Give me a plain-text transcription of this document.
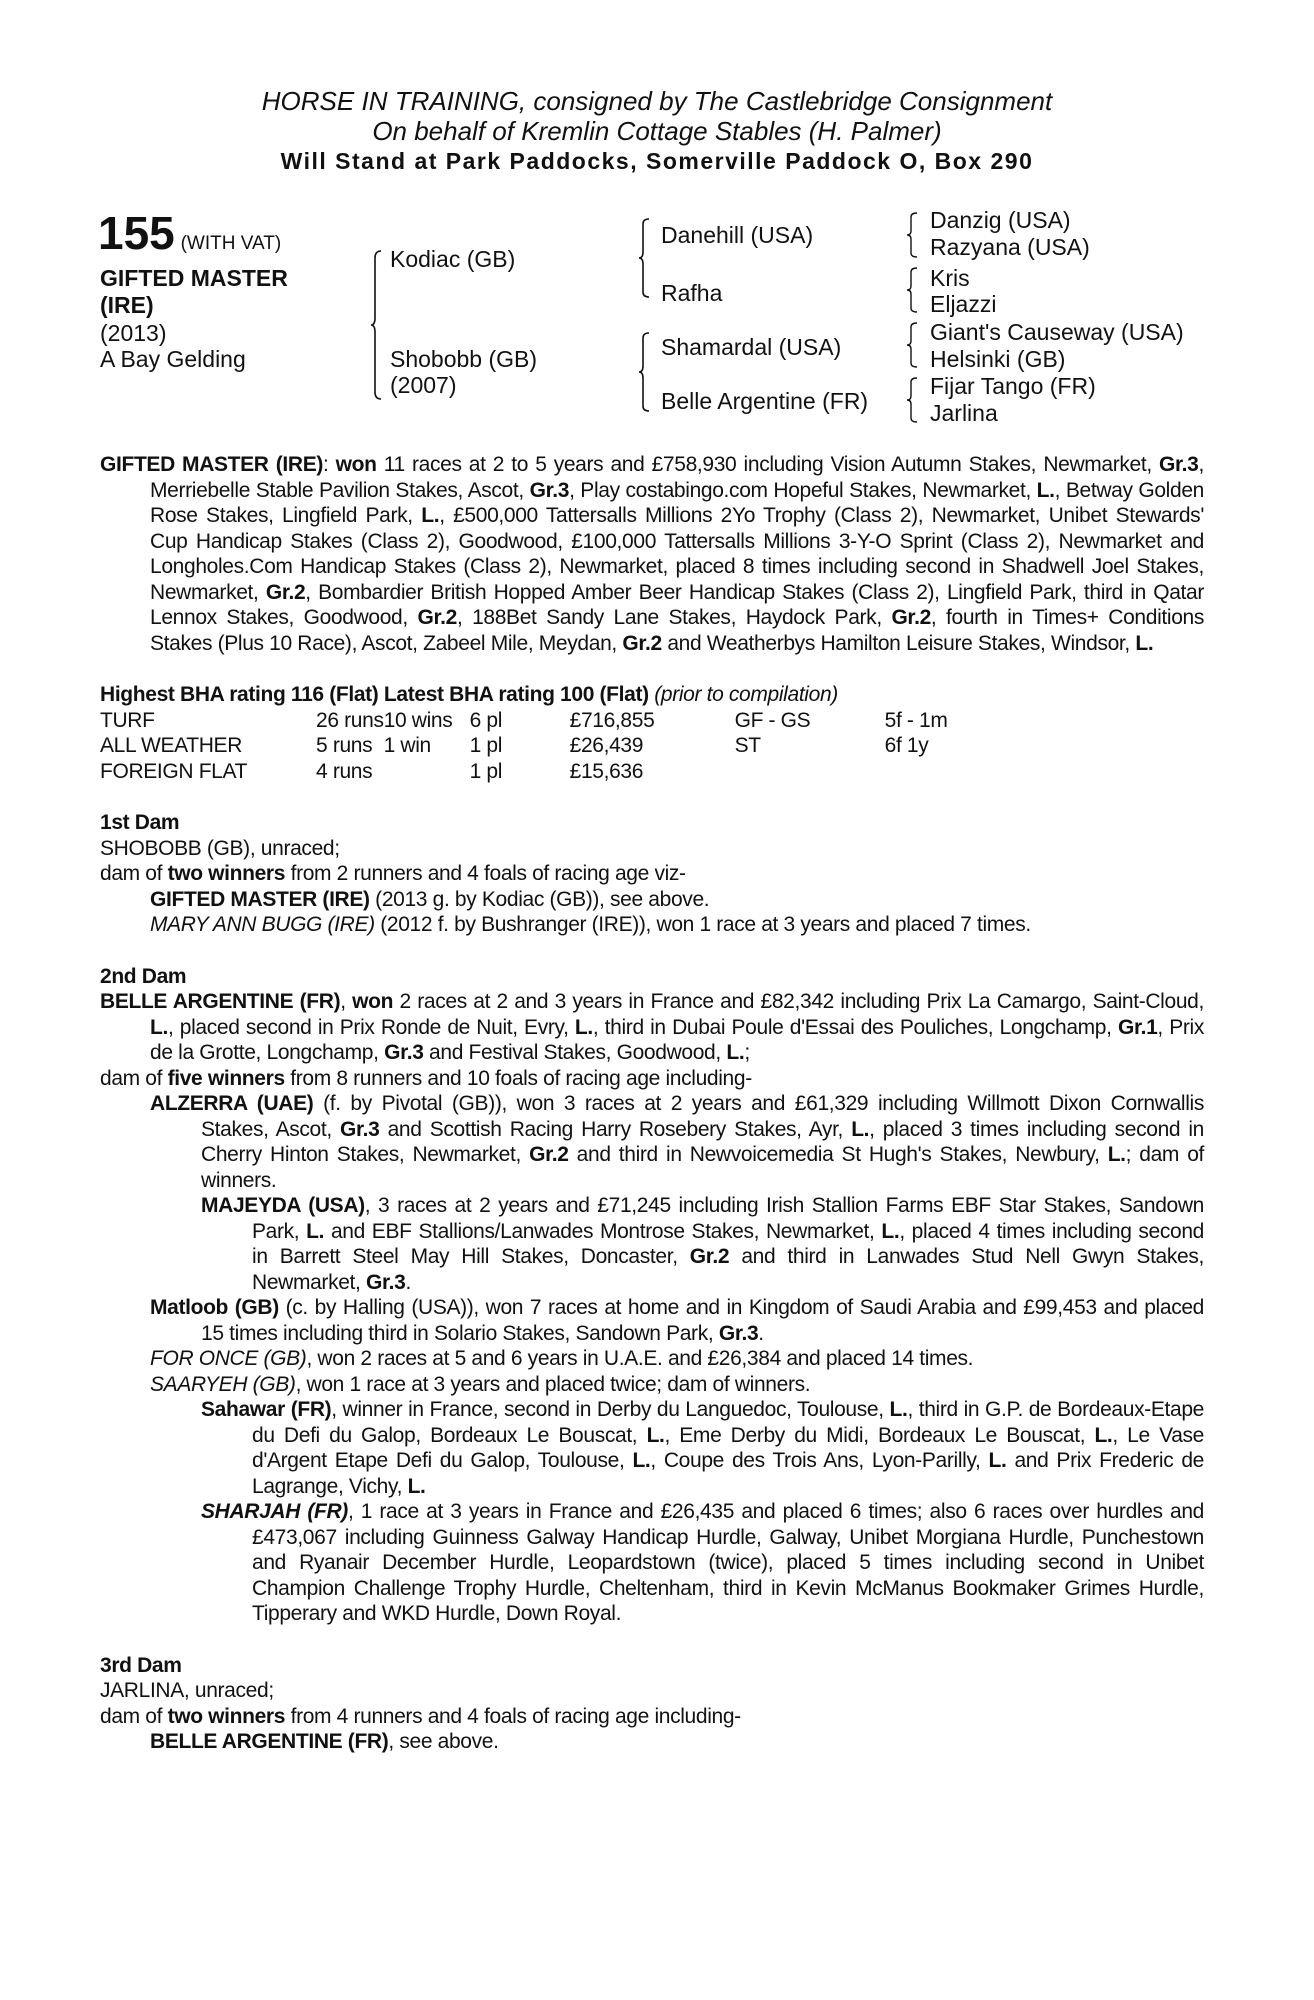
HORSE IN TRAINING, consigned by The Castlebridge Consignment
On behalf of Kremlin Cottage Stables (H. Palmer)
Will Stand at Park Paddocks, Somerville Paddock O, Box 290
155 (WITH VAT)
GIFTED MASTER
(IRE)
(2013)
A Bay Gelding
Kodiac (GB)
Shobobb (GB)
(2007)
Danehill (USA)
Rafha
Shamardal (USA)
Belle Argentine (FR)
Danzig (USA)
Razyana (USA)
Kris
Eljazzi
Giant's Causeway (USA)
Helsinki (GB)
Fijar Tango (FR)
Jarlina
GIFTED MASTER (IRE): won 11 races at 2 to 5 years and £758,930 including Vision Autumn Stakes, Newmarket, Gr.3, Merriebelle Stable Pavilion Stakes, Ascot, Gr.3, Play costabingo.com Hopeful Stakes, Newmarket, L., Betway Golden Rose Stakes, Lingfield Park, L., £500,000 Tattersalls Millions 2Yo Trophy (Class 2), Newmarket, Unibet Stewards' Cup Handicap Stakes (Class 2), Goodwood, £100,000 Tattersalls Millions 3-Y-O Sprint (Class 2), Newmarket and Longholes.Com Handicap Stakes (Class 2), Newmarket, placed 8 times including second in Shadwell Joel Stakes, Newmarket, Gr.2, Bombardier British Hopped Amber Beer Handicap Stakes (Class 2), Lingfield Park, third in Qatar Lennox Stakes, Goodwood, Gr.2, 188Bet Sandy Lane Stakes, Haydock Park, Gr.2, fourth in Times+ Conditions Stakes (Plus 10 Race), Ascot, Zabeel Mile, Meydan, Gr.2 and Weatherbys Hamilton Leisure Stakes, Windsor, L.
Highest BHA rating 116 (Flat) Latest BHA rating 100 (Flat) (prior to compilation)
TURF	26 runs	10 wins	6 pl	£716,855	GF - GS	5f - 1m
ALL WEATHER	5 runs	1 win	1 pl	£26,439	ST	6f 1y
FOREIGN FLAT	4 runs		1 pl	£15,636		
1st Dam
SHOBOBB (GB), unraced;
dam of two winners from 2 runners and 4 foals of racing age viz-
GIFTED MASTER (IRE) (2013 g. by Kodiac (GB)), see above.
MARY ANN BUGG (IRE) (2012 f. by Bushranger (IRE)), won 1 race at 3 years and placed 7 times.
2nd Dam
BELLE ARGENTINE (FR), won 2 races at 2 and 3 years in France and £82,342 including Prix La Camargo, Saint-Cloud, L., placed second in Prix Ronde de Nuit, Evry, L., third in Dubai Poule d'Essai des Pouliches, Longchamp, Gr.1, Prix de la Grotte, Longchamp, Gr.3 and Festival Stakes, Goodwood, L.;
dam of five winners from 8 runners and 10 foals of racing age including-
ALZERRA (UAE) (f. by Pivotal (GB)), won 3 races at 2 years and £61,329 including Willmott Dixon Cornwallis Stakes, Ascot, Gr.3 and Scottish Racing Harry Rosebery Stakes, Ayr, L., placed 3 times including second in Cherry Hinton Stakes, Newmarket, Gr.2 and third in Newvoicemedia St Hugh's Stakes, Newbury, L.; dam of winners.
MAJEYDA (USA), 3 races at 2 years and £71,245 including Irish Stallion Farms EBF Star Stakes, Sandown Park, L. and EBF Stallions/Lanwades Montrose Stakes, Newmarket, L., placed 4 times including second in Barrett Steel May Hill Stakes, Doncaster, Gr.2 and third in Lanwades Stud Nell Gwyn Stakes, Newmarket, Gr.3.
Matloob (GB) (c. by Halling (USA)), won 7 races at home and in Kingdom of Saudi Arabia and £99,453 and placed 15 times including third in Solario Stakes, Sandown Park, Gr.3.
FOR ONCE (GB), won 2 races at 5 and 6 years in U.A.E. and £26,384 and placed 14 times.
SAARYEH (GB), won 1 race at 3 years and placed twice; dam of winners.
Sahawar (FR), winner in France, second in Derby du Languedoc, Toulouse, L., third in G.P. de Bordeaux-Etape du Defi du Galop, Bordeaux Le Bouscat, L., Eme Derby du Midi, Bordeaux Le Bouscat, L., Le Vase d'Argent Etape Defi du Galop, Toulouse, L., Coupe des Trois Ans, Lyon-Parilly, L. and Prix Frederic de Lagrange, Vichy, L.
SHARJAH (FR), 1 race at 3 years in France and £26,435 and placed 6 times; also 6 races over hurdles and £473,067 including Guinness Galway Handicap Hurdle, Galway, Unibet Morgiana Hurdle, Punchestown and Ryanair December Hurdle, Leopardstown (twice), placed 5 times including second in Unibet Champion Challenge Trophy Hurdle, Cheltenham, third in Kevin McManus Bookmaker Grimes Hurdle, Tipperary and WKD Hurdle, Down Royal.
3rd Dam
JARLINA, unraced;
dam of two winners from 4 runners and 4 foals of racing age including-
BELLE ARGENTINE (FR), see above.
